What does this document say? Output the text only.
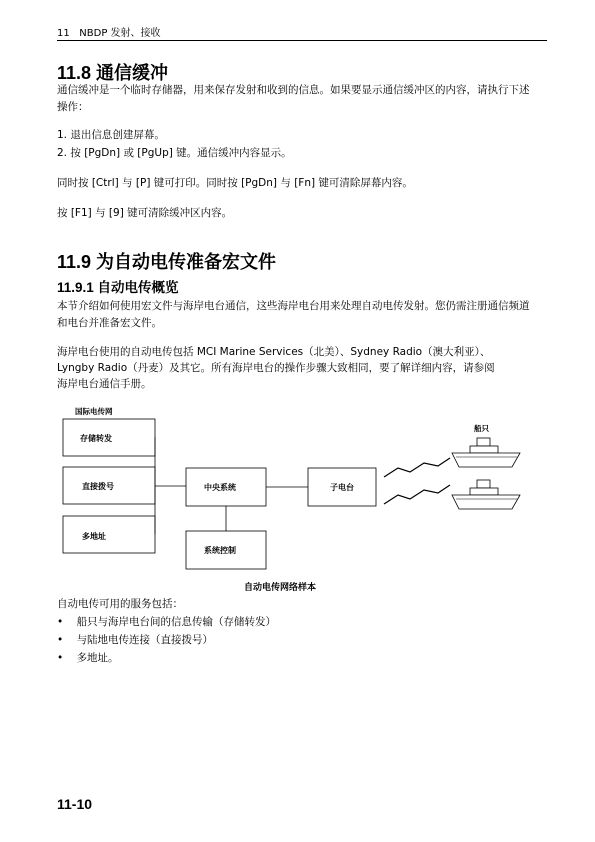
11 NBDP 发射、接收
11.8 通信缓冲
通信缓冲是一个临时存储器，用来保存发射和收到的信息。如果要显示通信缓冲区的内容，请执行下述操作：
1. 退出信息创建屏幕。
2. 按 [PgDn] 或 [PgUp] 键。通信缓冲内容显示。
同时按 [Ctrl] 与 [P] 键可打印。同时按 [PgDn] 与 [Fn] 键可清除屏幕内容。
按 [F1] 与 [9] 键可清除缓冲区内容。
11.9 为自动电传准备宏文件
11.9.1 自动电传概览
本节介绍如何使用宏文件与海岸电台通信，这些海岸电台用来处理自动电传发射。您仍需注册通信频道和电台并准备宏文件。
海岸电台使用的自动电传包括 MCI Marine Services（北美）、Sydney Radio（澳大利亚）、
Lyngby Radio（丹麦）及其它。所有海岸电台的操作步骤大致相同，要了解详细内容，请参阅
海岸电台通信手册。
国际电传网
存储转发
直接拨号
多地址
中央系统
系统控制
子电台
船只
自动电传网络样本
自动电传可用的服务包括：
• 船只与海岸电台间的信息传输（存储转发）
• 与陆地电传连接（直接拨号）
• 多地址。
11-10
